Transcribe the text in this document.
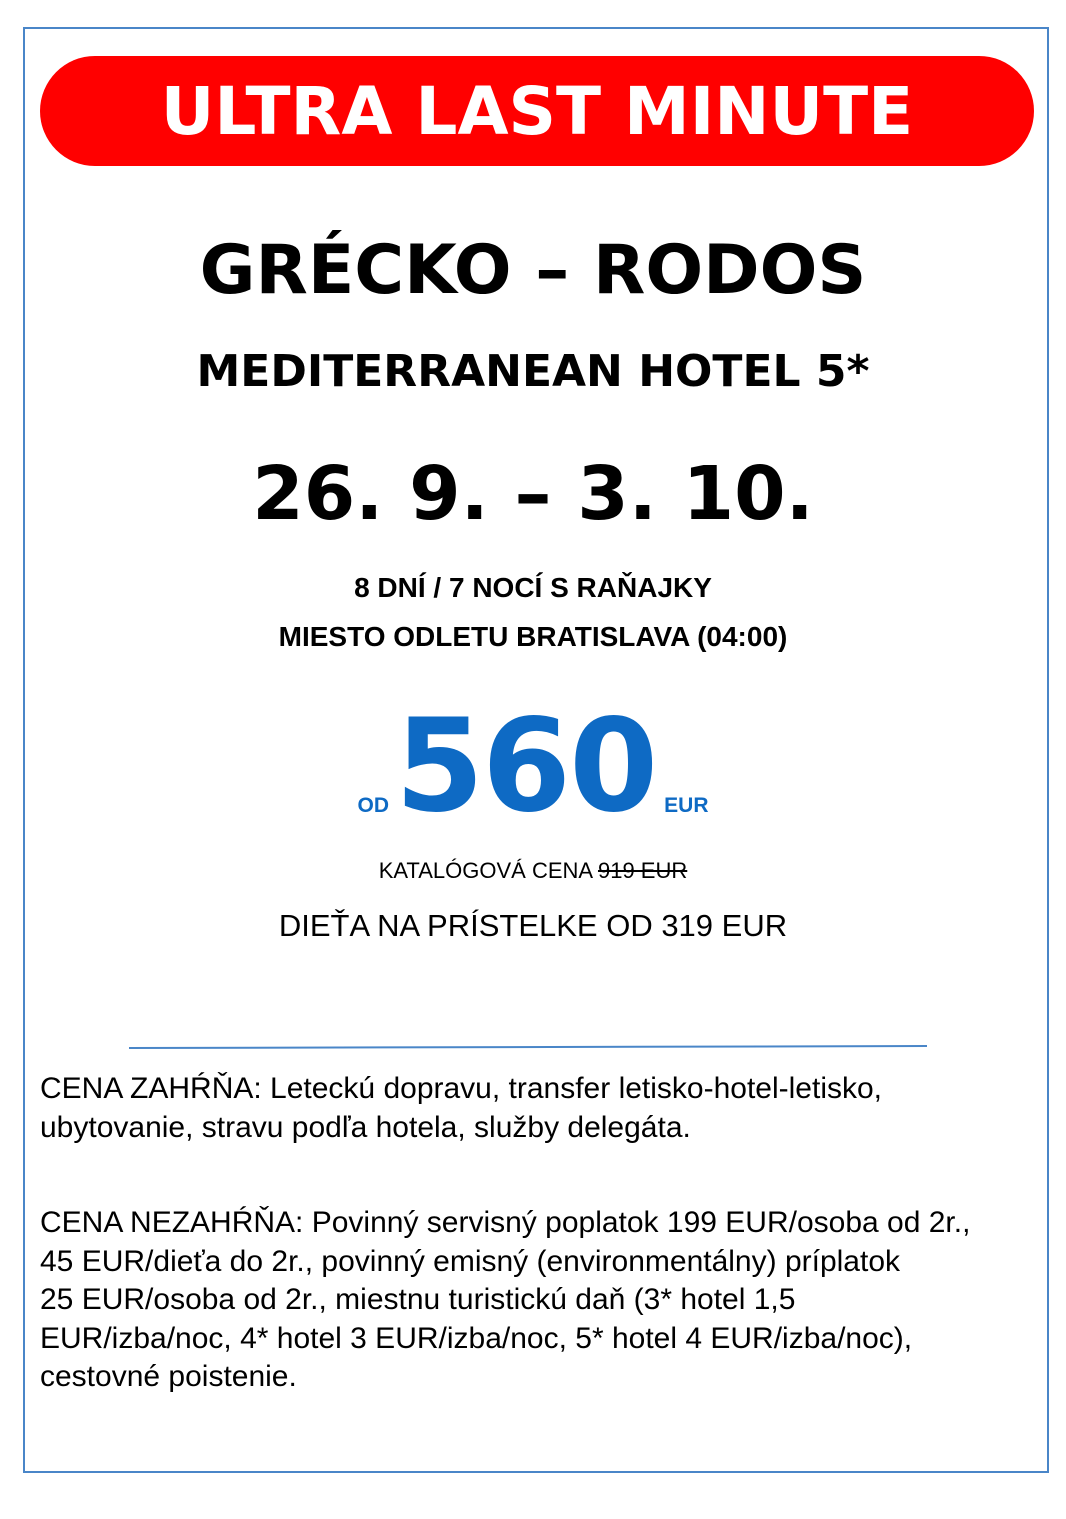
ULTRA LAST MINUTE
GRÉCKO – RODOS
MEDITERRANEAN HOTEL 5*
26. 9. – 3. 10.
8 DNÍ / 7 NOCÍ S RAŇAJKY
MIESTO ODLETU BRATISLAVA (04:00)
OD 560 EUR
KATALÓGOVÁ CENA 919 EUR
DIEŤA NA PRÍSTELKE OD 319 EUR
CENA ZAHŔŇA: Leteckú dopravu, transfer letisko-hotel-letisko,
ubytovanie, stravu podľa hotela, služby delegáta.
CENA NEZAHŔŇA: Povinný servisný poplatok 199 EUR/osoba od 2r.,
45 EUR/dieťa do 2r., povinný emisný (environmentálny) príplatok
25 EUR/osoba od 2r., miestnu turistickú daň (3* hotel 1,5
EUR/izba/noc, 4* hotel 3 EUR/izba/noc, 5* hotel 4 EUR/izba/noc),
cestovné poistenie.
